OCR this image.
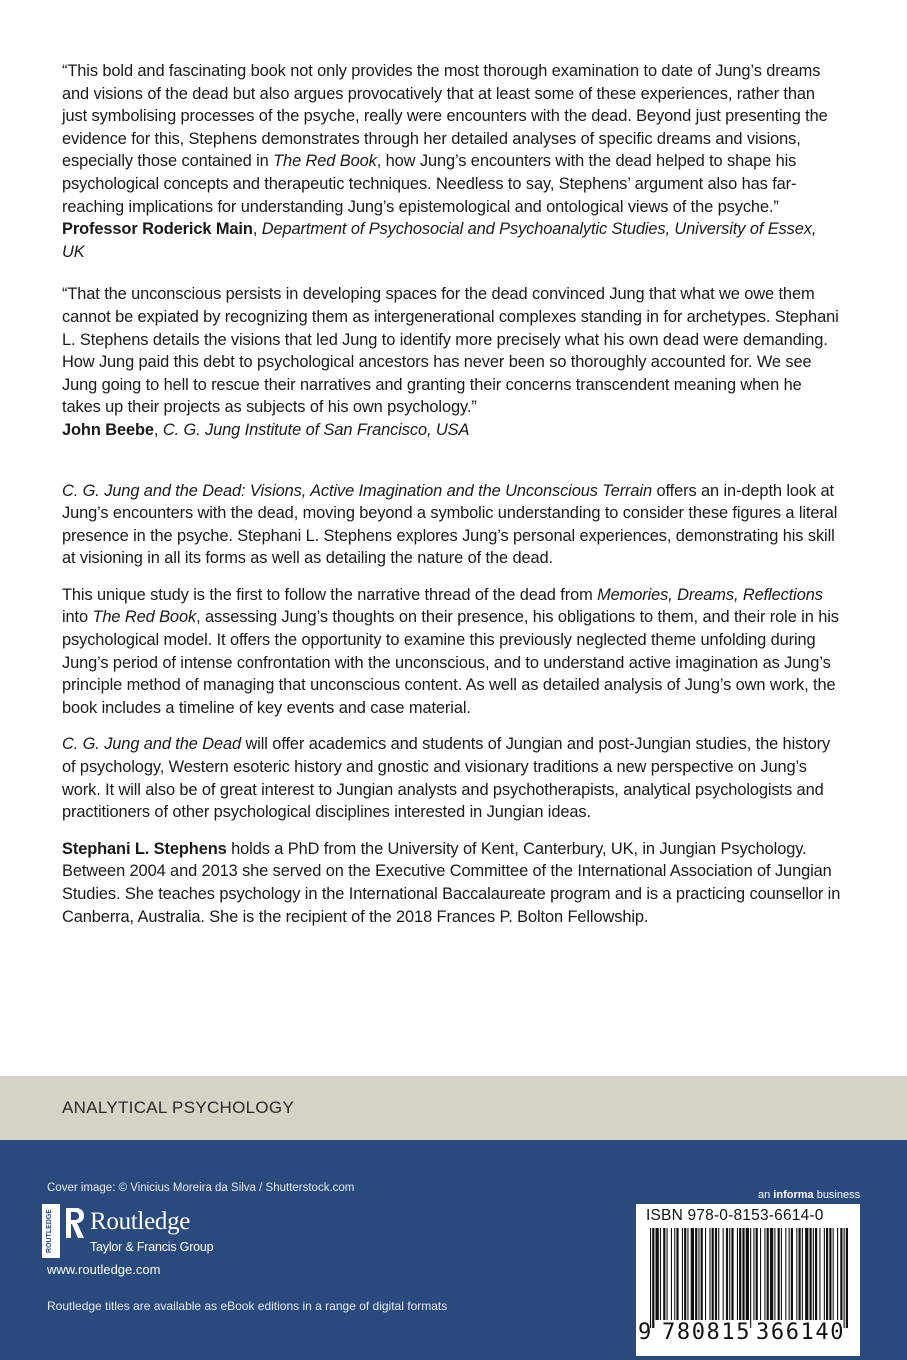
“This bold and fascinating book not only provides the most thorough examination to date of Jung’s dreams and visions of the dead but also argues provocatively that at least some of these experiences, rather than just symbolising processes of the psyche, really were encounters with the dead. Beyond just presenting the evidence for this, Stephens demonstrates through her detailed analyses of specific dreams and visions, especially those contained in The Red Book, how Jung’s encounters with the dead helped to shape his psychological concepts and therapeutic techniques. Needless to say, Stephens’ argument also has far-reaching implications for understanding Jung’s epistemological and ontological views of the psyche.”

Professor Roderick Main, Department of Psychosocial and Psychoanalytic Studies, University of Essex, UK

“That the unconscious persists in developing spaces for the dead convinced Jung that what we owe them cannot be expiated by recognizing them as intergenerational complexes standing in for archetypes. Stephani L. Stephens details the visions that led Jung to identify more precisely what his own dead were demanding. How Jung paid this debt to psychological ancestors has never been so thoroughly accounted for. We see Jung going to hell to rescue their narratives and granting their concerns transcendent meaning when he takes up their projects as subjects of his own psychology.”

John Beebe, C. G. Jung Institute of San Francisco, USA

C. G. Jung and the Dead: Visions, Active Imagination and the Unconscious Terrain offers an in-depth look at Jung’s encounters with the dead, moving beyond a symbolic understanding to consider these figures a literal presence in the psyche. Stephani L. Stephens explores Jung’s personal experiences, demonstrating his skill at visioning in all its forms as well as detailing the nature of the dead.

This unique study is the first to follow the narrative thread of the dead from Memories, Dreams, Reflections into The Red Book, assessing Jung’s thoughts on their presence, his obligations to them, and their role in his psychological model. It offers the opportunity to examine this previously neglected theme unfolding during Jung’s period of intense confrontation with the unconscious, and to understand active imagination as Jung’s principle method of managing that unconscious content. As well as detailed analysis of Jung’s own work, the book includes a timeline of key events and case material.

C. G. Jung and the Dead will offer academics and students of Jungian and post-Jungian studies, the history of psychology, Western esoteric history and gnostic and visionary traditions a new perspective on Jung’s work. It will also be of great interest to Jungian analysts and psychotherapists, analytical psychologists and practitioners of other psychological disciplines interested in Jungian ideas.

Stephani L. Stephens holds a PhD from the University of Kent, Canterbury, UK, in Jungian Psychology. Between 2004 and 2013 she served on the Executive Committee of the International Association of Jungian Studies. She teaches psychology in the International Baccalaureate program and is a practicing counsellor in Canberra, Australia. She is the recipient of the 2018 Frances P. Bolton Fellowship.

ANALYTICAL PSYCHOLOGY
Cover image: © Vinicius Moreira da Silva / Shutterstock.com
ROUTLEDGE Routledge
Taylor & Francis Group
www.routledge.com
Routledge titles are available as eBook editions in a range of digital formats
an informa business
ISBN 978-0-8153-6614-0
9 780815 366140
